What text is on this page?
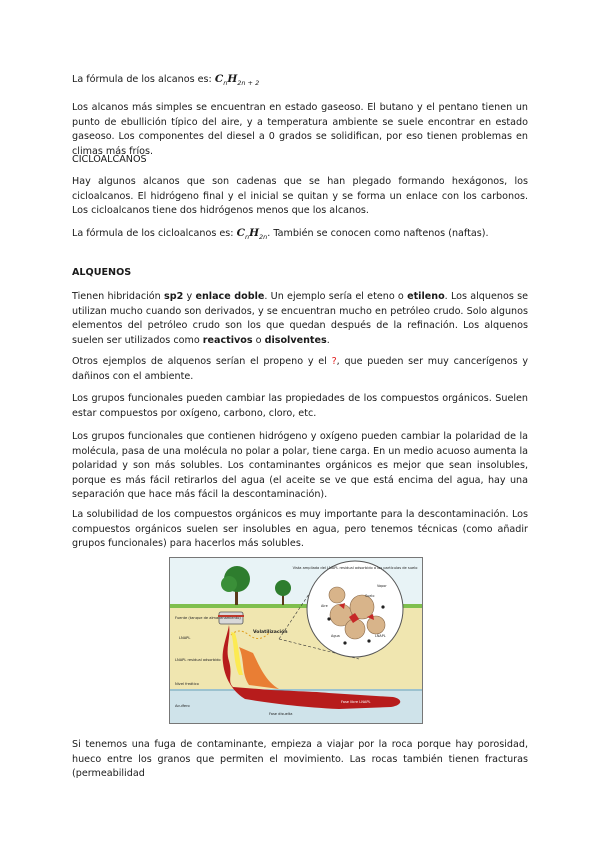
La fórmula de los alcanos es: $C_nH_{2n + 2}$

Los alcanos más simples se encuentran en estado gaseoso. El butano y el pentano tienen un punto de ebullición típico del aire, y a temperatura ambiente se suele encontrar en estado gaseoso. Los componentes del diesel a 0 grados se solidifican, por eso tienen problemas en climas más fríos.

CICLOALCANOS

Hay algunos alcanos que son cadenas que se han plegado formando hexágonos, los cicloalcanos. El hidrógeno final y el inicial se quitan y se forma un enlace con los carbonos. Los cicloalcanos tiene dos hidrógenos menos que los alcanos.

La fórmula de los cicloalcanos es: $C_nH_{2n}$. También se conocen como naftenos (naftas).

ALQUENOS

Tienen hibridación sp2 y enlace doble. Un ejemplo sería el eteno o etileno. Los alquenos se utilizan mucho cuando son derivados, y se encuentran mucho en petróleo crudo. Solo algunos elementos del petróleo crudo son los que quedan después de la refinación. Los alquenos suelen ser utilizados como reactivos o disolventes.

Otros ejemplos de alquenos serían el propeno y el ?, que pueden ser muy cancerígenos y dañinos con el ambiente.

Los grupos funcionales pueden cambiar las propiedades de los compuestos orgánicos. Suelen estar compuestos por oxígeno, carbono, cloro, etc.

Los grupos funcionales que contienen hidrógeno y oxígeno pueden cambiar la polaridad de la molécula, pasa de una molécula no polar a polar, tiene carga. En un medio acuoso aumenta la polaridad y son más solubles. Los contaminantes orgánicos es mejor que sean insolubles, porque es más fácil retirarlos del agua (el aceite se ve que está encima del agua, hay una separación que hace más fácil la descontaminación).

La solubilidad de los compuestos orgánicos es muy importante para la descontaminación. Los compuestos orgánicos suelen ser insolubles en agua, pero tenemos técnicas (como añadir grupos funcionales) para hacerlos más solubles.

Vista ampliada del LNAPL residual adsorbido a las partículas de suelo
Aire
Suelo
Agua	LNAPL
Vapor
Volatilización
Fuente (tanque de almacenamiento)
LNAPL
LNAPL residual adsorbido
Nivel freático
Acuífero
Fase disuelta
Fase libre LNAPL
Si tenemos una fuga de contaminante, empieza a viajar por la roca porque hay porosidad, hueco entre los granos que permiten el movimiento. Las rocas también tienen fracturas (permeabilidad
